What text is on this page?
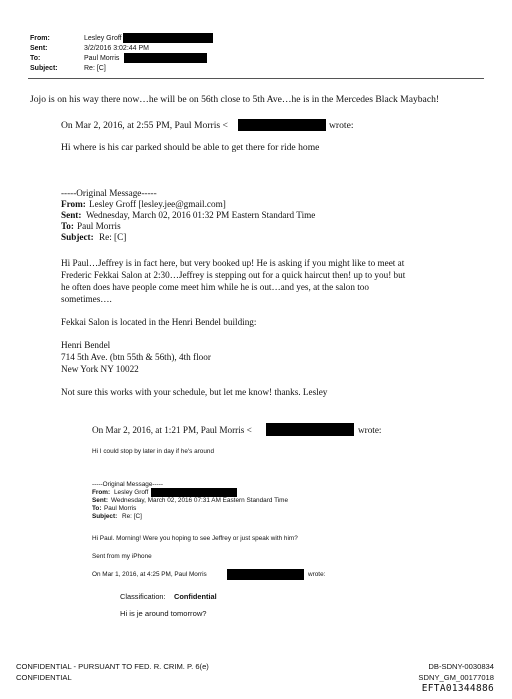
From:	Lesley Groff
Sent:	3/2/2016 3:02:44 PM
To:	Paul Morris
Subject:	Re: [C]
Jojo is on his way there now…he will be on 56th close to 5th Ave…he is in the Mercedes Black Maybach!
On Mar 2, 2016, at 2:55 PM, Paul Morris <	wrote:
Hi where is his car parked should be able to get there for ride home
-----Original Message-----
From: Lesley Groff [lesley.jee@gmail.com]
Sent: Wednesday, March 02, 2016 01:32 PM Eastern Standard Time
To: Paul Morris
Subject: Re: [C]
Hi Paul…Jeffrey is in fact here, but very booked up! He is asking if you might like to meet at
Frederic Fekkai Salon at 2:30…Jeffrey is stepping out for a quick haircut then! up to you! but
he often does have people come meet him while he is out…and yes, at the salon too
sometimes….
Fekkai Salon is located in the Henri Bendel building:
Henri Bendel
714 5th Ave. (btn 55th & 56th), 4th floor
New York NY 10022
Not sure this works with your schedule, but let me know! thanks. Lesley
On Mar 2, 2016, at 1:21 PM, Paul Morris <	wrote:
Hi I could stop by later in day if he's around
-----Original Message-----
From: Lesley Groff
Sent: Wednesday, March 02, 2016 07:31 AM Eastern Standard Time
To: Paul Morris
Subject: Re: [C]
Hi Paul. Morning! Were you hoping to see Jeffrey or just speak with him?
Sent from my iPhone
On Mar 1, 2016, at 4:25 PM, Paul Morris	wrote:
Classification: Confidential
Hi is je around tomorrow?
CONFIDENTIAL - PURSUANT TO FED. R. CRIM. P. 6(e)
CONFIDENTIAL
DB-SDNY-0030834
SDNY_GM_00177018
EFTA01344886
